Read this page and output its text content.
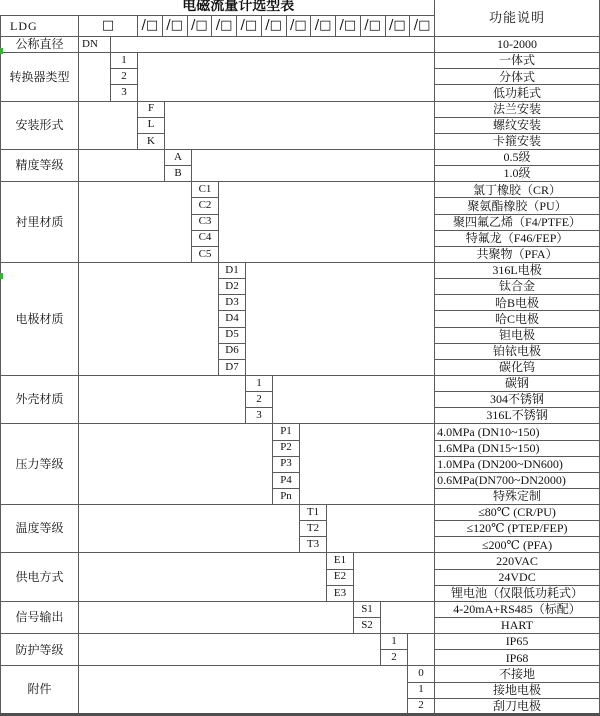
电磁流量计选型表														功能说明
LDG	□	/□ /□ /□ /□ /□ /□ /□ /□ /□ /□ /□ /□

公称直径	DN													10-2000
转换器类型		1												一体式
		2												分体式
		3												低功耗式
安装形式			F											法兰安装
			L											螺纹安装
			K											卡箍安装
精度等级				A										0.5级
				B										1.0级
衬里材质					C1									氯丁橡胶（CR）
					C2									聚氨酯橡胶（PU）
					C3									聚四氟乙烯（F4/PTFE）
					C4									特氟龙（F46/FEP）
					C5									共聚物（PFA）
电极材质						D1								316L电极
						D2								钛合金
						D3								哈B电极
						D4								哈C电极
						D5								钽电极
						D6								铂铱电极
						D7								碳化钨
外壳材质							1							碳钢
							2							304不锈钢
							3							316L不锈钢
压力等级								P1						4.0MPa (DN10~150)
								P2						1.6MPa (DN15~150)
								P3						1.0MPa (DN200~DN600)
								P4						0.6MPa(DN700~DN2000)
								Pn						特殊定制
温度等级									T1					≤80℃ (CR/PU)
									T2					≤120℃ (PTEP/FEP)
									T3					≤200℃ (PFA)
供电方式										E1				220VAC
										E2				24VDC
										E3				锂电池（仅限低功耗式）
信号输出											S1			4-20mA+RS485（标配）
											S2			HART
防护等级												1		IP65
												2		IP68
附件													0	不接地
													1	接地电极
													2	刮刀电极
